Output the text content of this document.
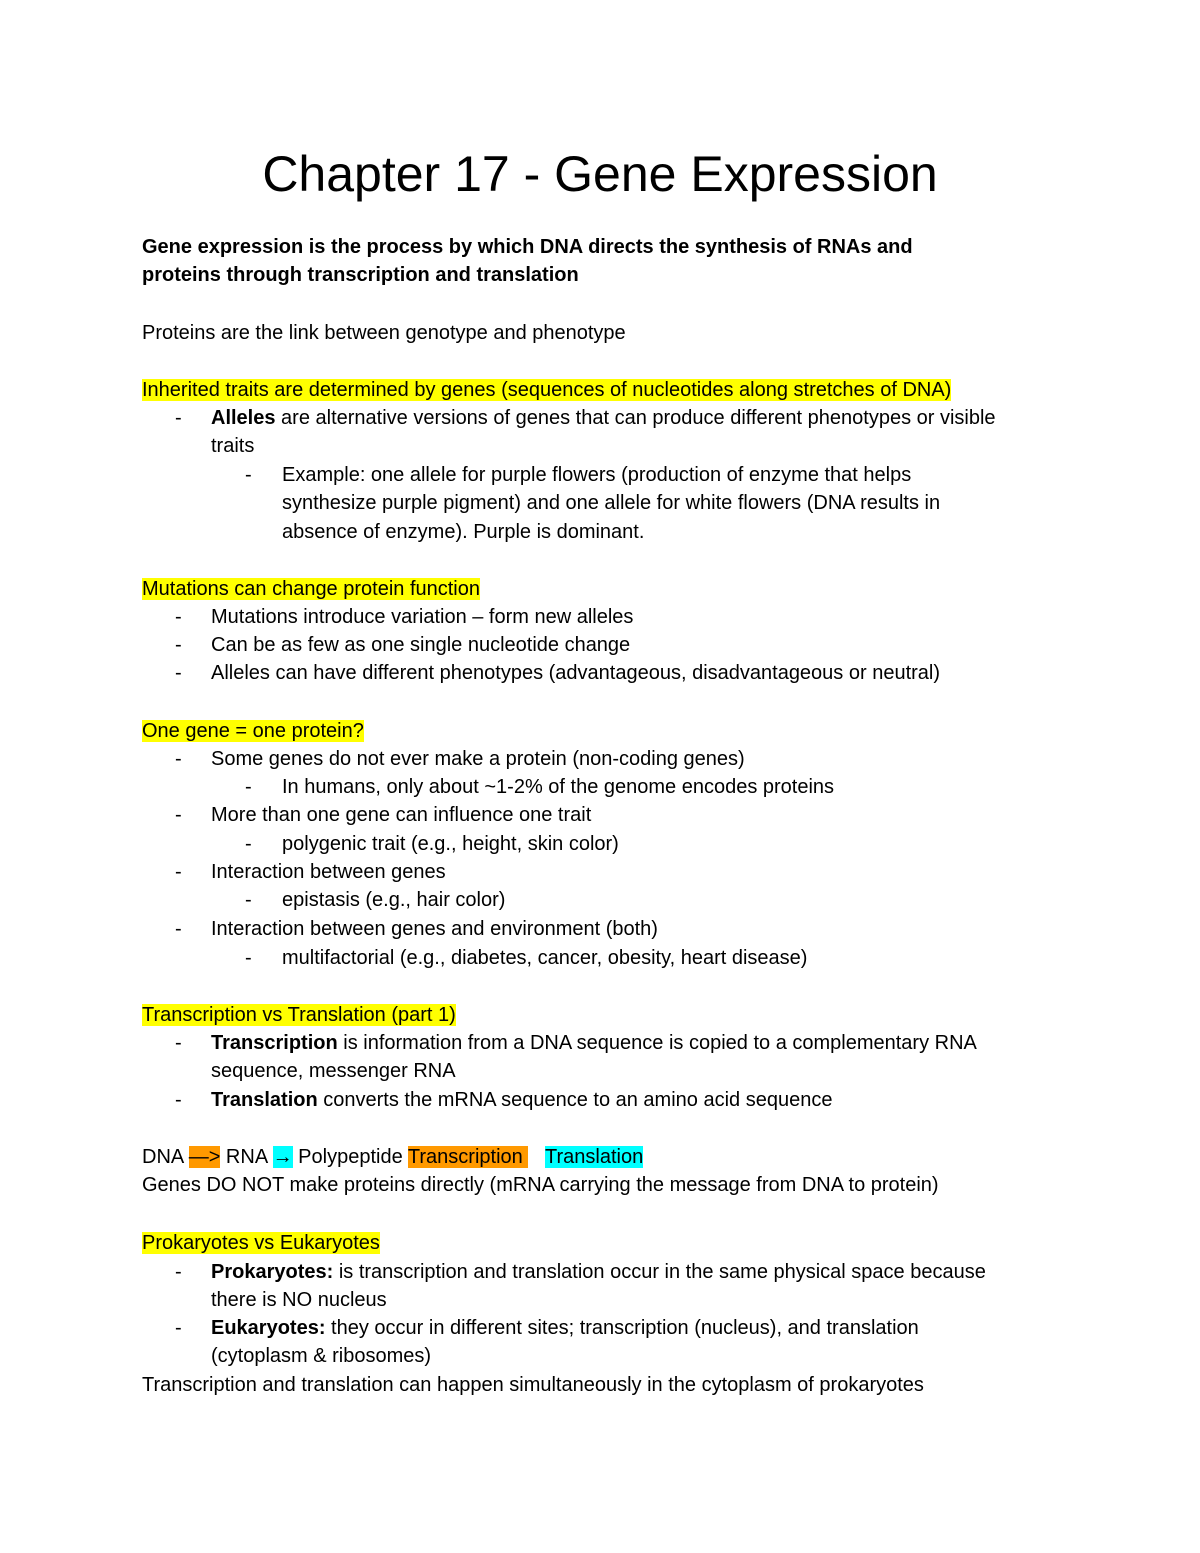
Chapter 17 - Gene Expression
Gene expression is the process by which DNA directs the synthesis of RNAs and
proteins through transcription and translation
Proteins are the link between genotype and phenotype
Inherited traits are determined by genes (sequences of nucleotides along stretches of DNA)
- Alleles are alternative versions of genes that can produce different phenotypes or visible
traits
- Example: one allele for purple flowers (production of enzyme that helps
synthesize purple pigment) and one allele for white flowers (DNA results in
absence of enzyme). Purple is dominant.
Mutations can change protein function
- Mutations introduce variation – form new alleles
- Can be as few as one single nucleotide change
- Alleles can have different phenotypes (advantageous, disadvantageous or neutral)
One gene = one protein?
- Some genes do not ever make a protein (non-coding genes)
- In humans, only about ~1-2% of the genome encodes proteins
- More than one gene can influence one trait
- polygenic trait (e.g., height, skin color)
- Interaction between genes
- epistasis (e.g., hair color)
- Interaction between genes and environment (both)
- multifactorial (e.g., diabetes, cancer, obesity, heart disease)
Transcription vs Translation (part 1)
- Transcription is information from a DNA sequence is copied to a complementary RNA
sequence, messenger RNA
- Translation converts the mRNA sequence to an amino acid sequence
DNA —> RNA → Polypeptide Transcription Translation
Genes DO NOT make proteins directly (mRNA carrying the message from DNA to protein)
Prokaryotes vs Eukaryotes
- Prokaryotes: is transcription and translation occur in the same physical space because
there is NO nucleus
- Eukaryotes: they occur in different sites; transcription (nucleus), and translation
(cytoplasm & ribosomes)
Transcription and translation can happen simultaneously in the cytoplasm of prokaryotes
